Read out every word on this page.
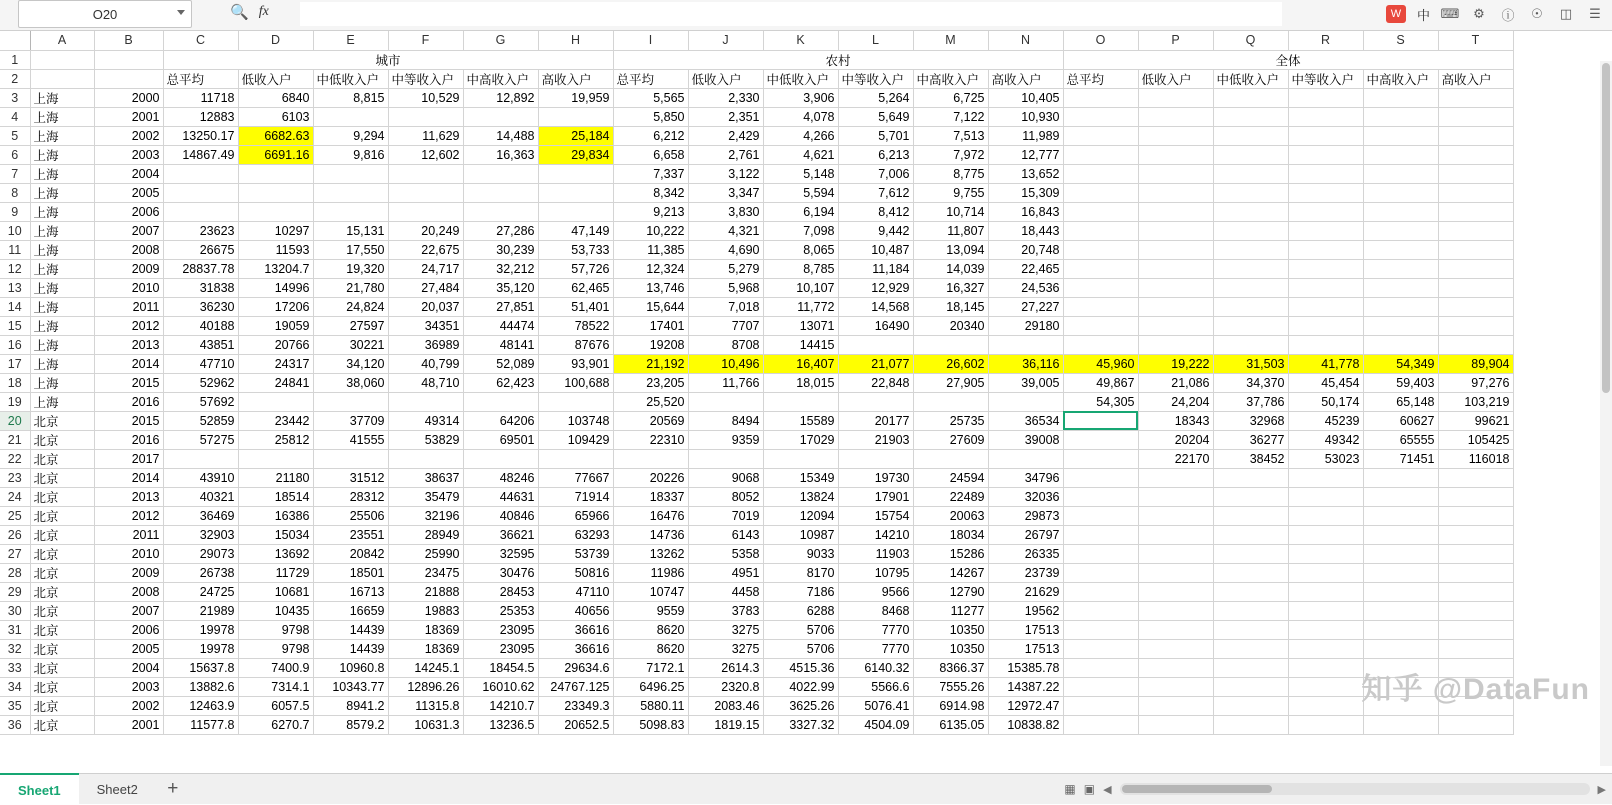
O20	🔍 fx	W	中 ⌨ ⚙ ⓘ ☉ ◫ ☰
	A	B	C	D	E	F	G	H	I	J	K	L	M	N	O	P	Q	R	S	T
1			城市						农村						全体					
2			总平均	低收入户	中低收入户	中等收入户	中高收入户	高收入户	总平均	低收入户	中低收入户	中等收入户	中高收入户	高收入户	总平均	低收入户	中低收入户	中等收入户	中高收入户	高收入户
3	上海	2000	11718	6840	8,815	10,529	12,892	19,959	5,565	2,330	3,906	5,264	6,725	10,405						
4	上海	2001	12883	6103					5,850	2,351	4,078	5,649	7,122	10,930						
5	上海	2002	13250.17	6682.63	9,294	11,629	14,488	25,184	6,212	2,429	4,266	5,701	7,513	11,989						
6	上海	2003	14867.49	6691.16	9,816	12,602	16,363	29,834	6,658	2,761	4,621	6,213	7,972	12,777						
7	上海	2004							7,337	3,122	5,148	7,006	8,775	13,652						
8	上海	2005							8,342	3,347	5,594	7,612	9,755	15,309						
9	上海	2006							9,213	3,830	6,194	8,412	10,714	16,843						
10	上海	2007	23623	10297	15,131	20,249	27,286	47,149	10,222	4,321	7,098	9,442	11,807	18,443						
11	上海	2008	26675	11593	17,550	22,675	30,239	53,733	11,385	4,690	8,065	10,487	13,094	20,748						
12	上海	2009	28837.78	13204.7	19,320	24,717	32,212	57,726	12,324	5,279	8,785	11,184	14,039	22,465						
13	上海	2010	31838	14996	21,780	27,484	35,120	62,465	13,746	5,968	10,107	12,929	16,327	24,536						
14	上海	2011	36230	17206	24,824	20,037	27,851	51,401	15,644	7,018	11,772	14,568	18,145	27,227						
15	上海	2012	40188	19059	27597	34351	44474	78522	17401	7707	13071	16490	20340	29180						
16	上海	2013	43851	20766	30221	36989	48141	87676	19208	8708	14415									
17	上海	2014	47710	24317	34,120	40,799	52,089	93,901	21,192	10,496	16,407	21,077	26,602	36,116	45,960	19,222	31,503	41,778	54,349	89,904
18	上海	2015	52962	24841	38,060	48,710	62,423	100,688	23,205	11,766	18,015	22,848	27,905	39,005	49,867	21,086	34,370	45,454	59,403	97,276
19	上海	2016	57692						25,520						54,305	24,204	37,786	50,174	65,148	103,219
20	北京	2015	52859	23442	37709	49314	64206	103748	20569	8494	15589	20177	25735	36534		18343	32968	45239	60627	99621
21	北京	2016	57275	25812	41555	53829	69501	109429	22310	9359	17029	21903	27609	39008		20204	36277	49342	65555	105425
22	北京	2017														22170	38452	53023	71451	116018
23	北京	2014	43910	21180	31512	38637	48246	77667	20226	9068	15349	19730	24594	34796						
24	北京	2013	40321	18514	28312	35479	44631	71914	18337	8052	13824	17901	22489	32036						
25	北京	2012	36469	16386	25506	32196	40846	65966	16476	7019	12094	15754	20063	29873						
26	北京	2011	32903	15034	23551	28949	36621	63293	14736	6143	10987	14210	18034	26797						
27	北京	2010	29073	13692	20842	25990	32595	53739	13262	5358	9033	11903	15286	26335						
28	北京	2009	26738	11729	18501	23475	30476	50816	11986	4951	8170	10795	14267	23739						
29	北京	2008	24725	10681	16713	21888	28453	47110	10747	4458	7186	9566	12790	21629						
30	北京	2007	21989	10435	16659	19883	25353	40656	9559	3783	6288	8468	11277	19562						
31	北京	2006	19978	9798	14439	18369	23095	36616	8620	3275	5706	7770	10350	17513						
32	北京	2005	19978	9798	14439	18369	23095	36616	8620	3275	5706	7770	10350	17513						
33	北京	2004	15637.8	7400.9	10960.8	14245.1	18454.5	29634.6	7172.1	2614.3	4515.36	6140.32	8366.37	15385.78						
34	北京	2003	13882.6	7314.1	10343.77	12896.26	16010.62	24767.125	6496.25	2320.8	4022.99	5566.6	7555.26	14387.22						
35	北京	2002	12463.9	6057.5	8941.2	11315.8	14210.7	23349.3	5880.11	2083.46	3625.26	5076.41	6914.98	12972.47						
36	北京	2001	11577.8	6270.7	8579.2	10631.3	13236.5	20652.5	5098.83	1819.15	3327.32	4504.09	6135.05	10838.82						
知乎 @DataFun
Sheet1	Sheet2	+	▦ ▣ ◀	▶
